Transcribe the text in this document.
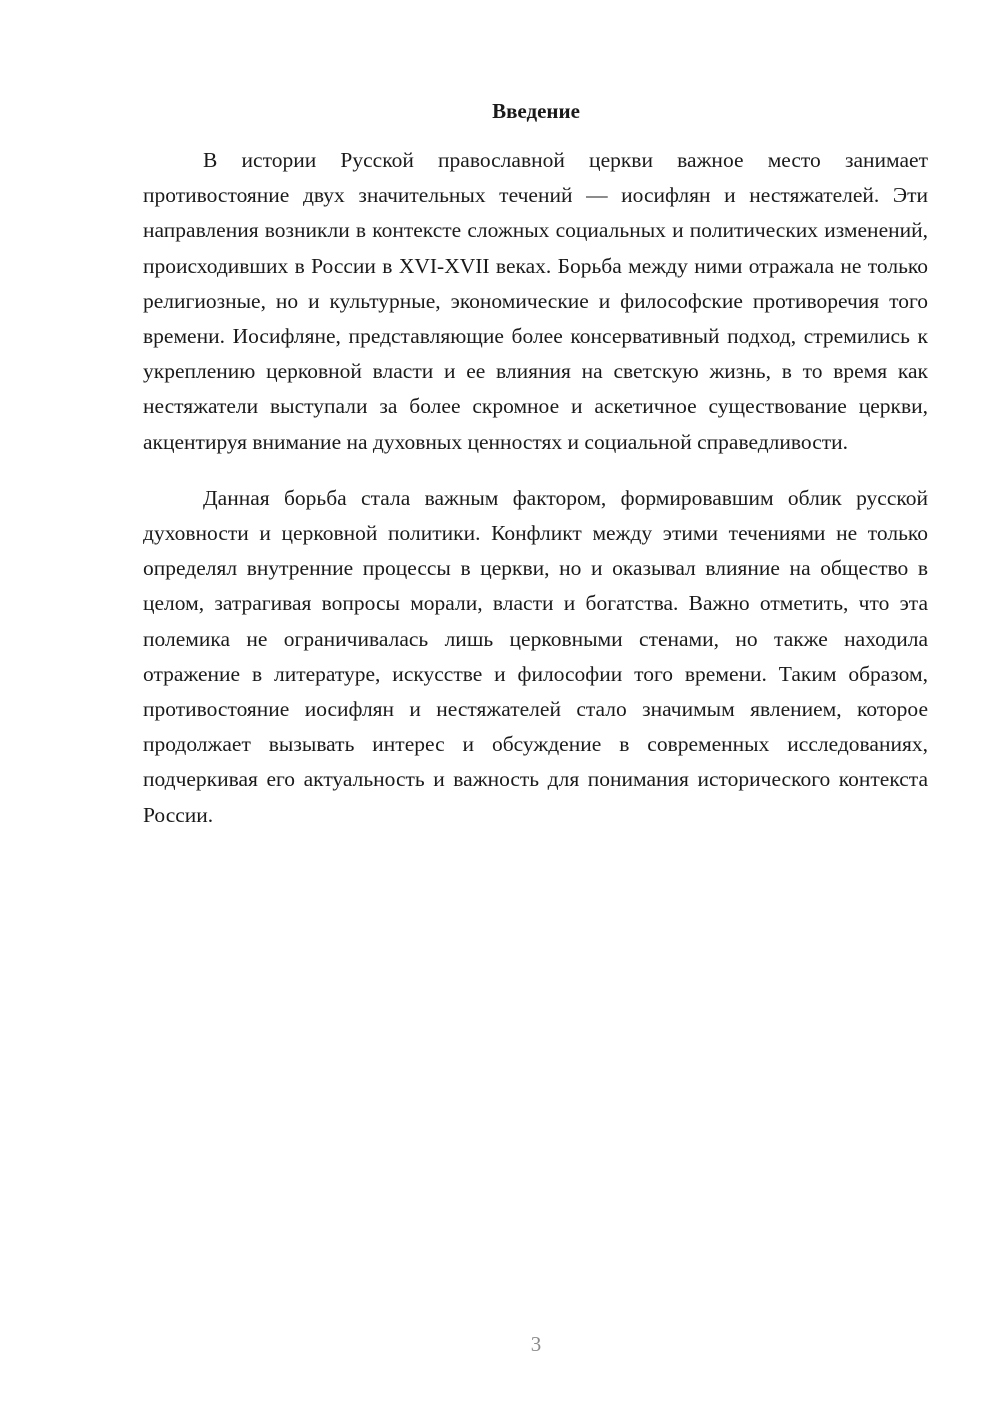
Введение

В истории Русской православной церкви важное место занимает противостояние двух значительных течений — иосифлян и нестяжателей. Эти направления возникли в контексте сложных социальных и политических изменений, происходивших в России в XVI-XVII веках. Борьба между ними отражала не только религиозные, но и культурные, экономические и философские противоречия того времени. Иосифляне, представляющие более консервативный подход, стремились к укреплению церковной власти и ее влияния на светскую жизнь, в то время как нестяжатели выступали за более скромное и аскетичное существование церкви, акцентируя внимание на духовных ценностях и социальной справедливости.

Данная борьба стала важным фактором, формировавшим облик русской духовности и церковной политики. Конфликт между этими течениями не только определял внутренние процессы в церкви, но и оказывал влияние на общество в целом, затрагивая вопросы морали, власти и богатства. Важно отметить, что эта полемика не ограничивалась лишь церковными стенами, но также находила отражение в литературе, искусстве и философии того времени. Таким образом, противостояние иосифлян и нестяжателей стало значимым явлением, которое продолжает вызывать интерес и обсуждение в современных исследованиях, подчеркивая его актуальность и важность для понимания исторического контекста России.

3
